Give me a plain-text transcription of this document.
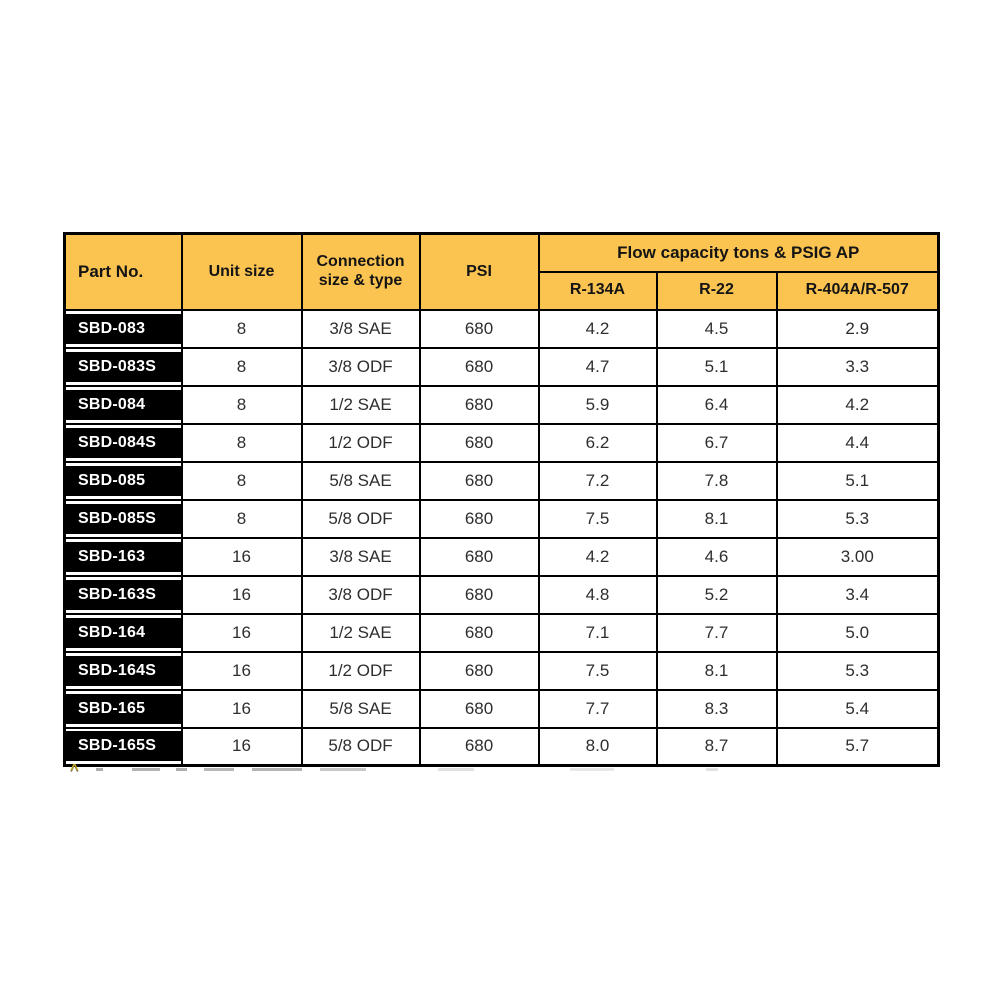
Part No.	Unit size	Connection size & type	PSI	Flow capacity tons & PSIG AP		
				R-134A	R-22	R-404A/R-507

SBD-083	8	3/8 SAE	680	4.2	4.5	2.9

SBD-083S	8	3/8 ODF	680	4.7	5.1	3.3

SBD-084	8	1/2 SAE	680	5.9	6.4	4.2

SBD-084S	8	1/2 ODF	680	6.2	6.7	4.4

SBD-085	8	5/8 SAE	680	7.2	7.8	5.1

SBD-085S	8	5/8 ODF	680	7.5	8.1	5.3

SBD-163	16	3/8 SAE	680	4.2	4.6	3.00

SBD-163S	16	3/8 ODF	680	4.8	5.2	3.4

SBD-164	16	1/2 SAE	680	7.1	7.7	5.0

SBD-164S	16	1/2 ODF	680	7.5	8.1	5.3

SBD-165	16	5/8 SAE	680	7.7	8.3	5.4

SBD-165S	16	5/8 ODF	680	8.0	8.7	5.7
^
